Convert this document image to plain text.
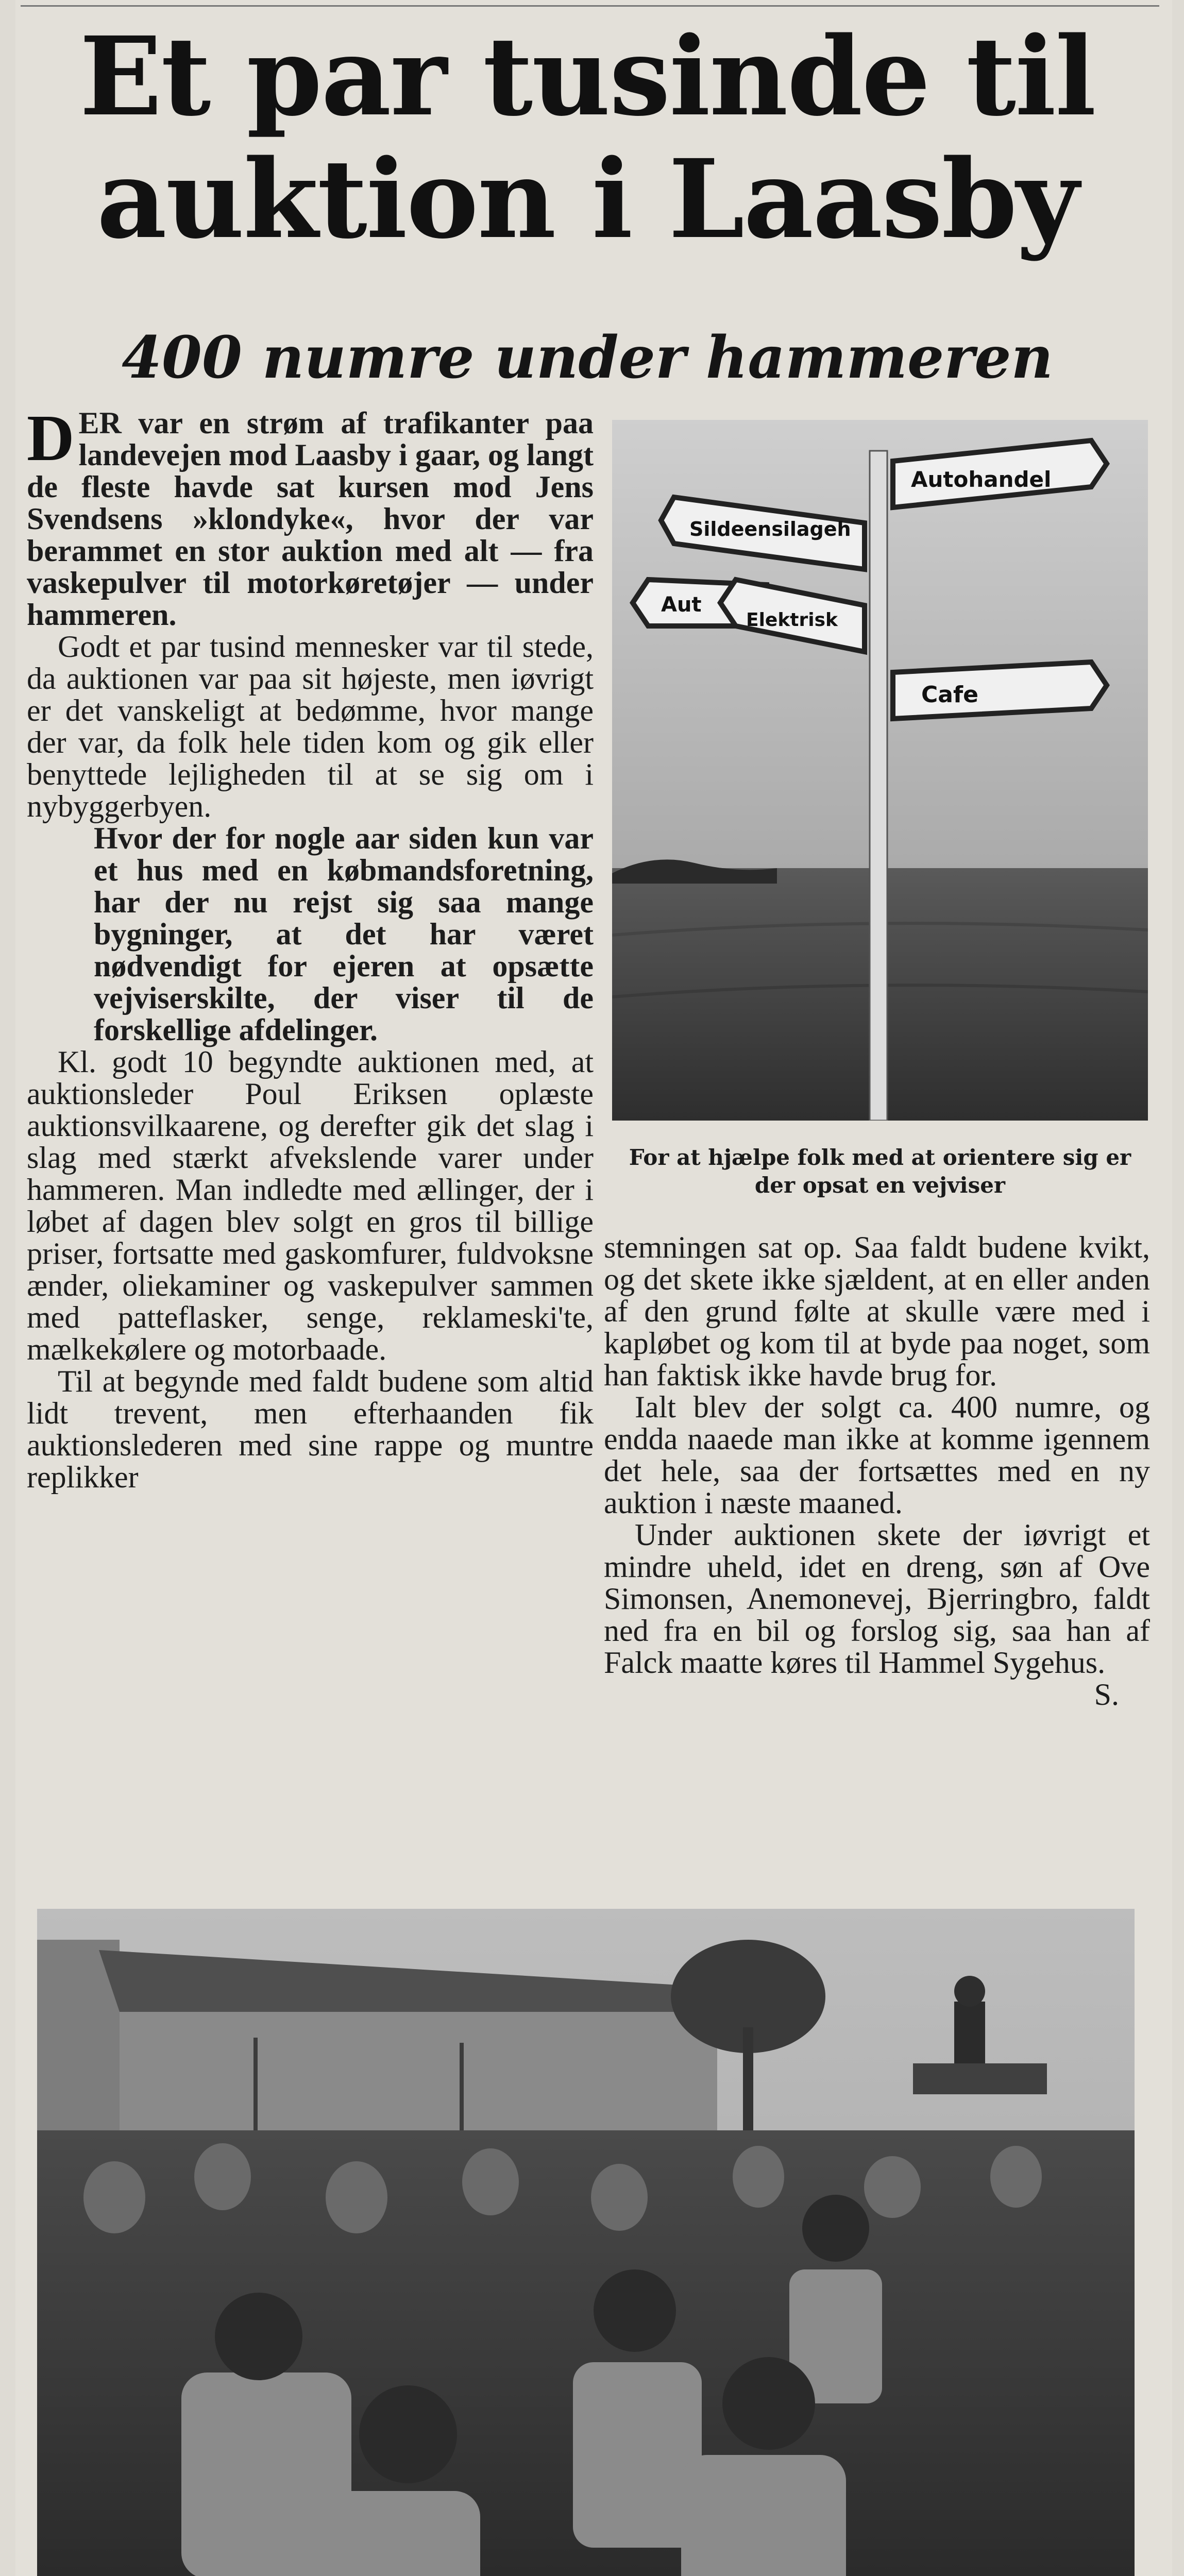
Et par tusinde til
auktion i Laasby
400 numre under hammeren

DER var en strøm af trafikanter paa landevejen mod Laasby i gaar, og langt de fleste havde sat kursen mod Jens Svendsens »klondyke«, hvor der var berammet en stor auktion med alt — fra vaskepulver til motorkøretøjer — under hammeren.

Godt et par tusind mennesker var til stede, da auktionen var paa sit højeste, men iøvrigt er det vanskeligt at bedømme, hvor mange der var, da folk hele tiden kom og gik eller benyttede lejligheden til at se sig om i nybyggerbyen.

Hvor der for nogle aar siden kun var et hus med en købmandsforetning, har der nu rejst sig saa mange bygninger, at det har været nødvendigt for ejeren at opsætte vejviserskilte, der viser til de forskellige afdelinger.

Kl. godt 10 begyndte auktionen med, at auktionsleder Poul Eriksen oplæste auktionsvilkaarene, og derefter gik det slag i slag med stærkt afvekslende varer under hammeren. Man indledte med ællinger, der i løbet af dagen blev solgt en gros til billige priser, fortsatte med gaskomfurer, fuldvoksne ænder, oliekaminer og vaskepulver sammen med patteflasker, senge, reklameski'te, mælkekølere og motorbaade.

Til at begynde med faldt budene som altid lidt trevent, men efterhaanden fik auktionslederen med sine rappe og muntre replikker

Autohandel
Sildeensilageh
Aut
Elektrisk
Cafe

For at hjælpe folk med at orientere sig er der opsat en vejviser

stemningen sat op. Saa faldt budene kvikt, og det skete ikke sjældent, at en eller anden af den grund følte at skulle være med i kapløbet og kom til at byde paa noget, som han faktisk ikke havde brug for.

Ialt blev der solgt ca. 400 numre, og endda naaede man ikke at komme igennem det hele, saa der fortsættes med en ny auktion i næste maaned.

Under auktionen skete der iøvrigt et mindre uheld, idet en dreng, søn af Ove Simonsen, Anemonevej, Bjerringbro, faldt ned fra en bil og forslog sig, saa han af Falck maatte køres til Hammel Sygehus.

S.
